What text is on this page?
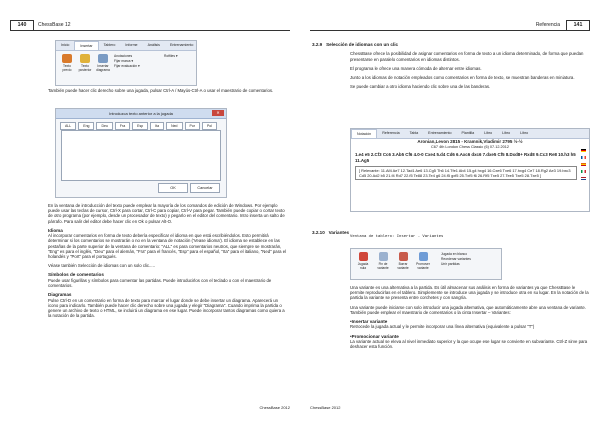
140	ChessBase 12
Inicio	Insertar	Tablero	Informe	Análisis	Entrenamiento
Texto previo
Texto posterior
Insertar diagrama
Anotaciones
Fijar marca ▾
Fijar evaluación ▾
Rotfiles ▾

También puede hacer clic derecho sobre una jugada, pulsar Ctrl-A / Mayús-Ctrl-A o usar el maestrario de comentarios.

Introduzca texto anterior a la jugada	✕
ALL	Eng	Deu	Fra	Esp	Ita	Ned	Por	Pol
OK	Cancelar

En la ventana de introducción del texto puede emplear la mayoría de los comandos de edición de Windows. Por ejemplo puede usar las teclas de cursor, Ctrl-X para cortar, Ctrl-C para copiar, Ctrl-V para pegar. También puede copiar o cortar texto de otro programa (por ejemplo, desde un procesador de texto) y pegarlo en el editor del comentario. Intro inserta un salto de párrafo. Para salir del editor debe hacer clic en Ok o pulsar Alt-O.

Idioma

Al incorporar comentarios en forma de texto debería especificar el idioma en que está escribiéndolos. Esto permitirá determinar si los comentarios se mostrarán o no en la ventana de notación ('Vease idioma'). El idioma se establece en las pestañas de la parte superior de la ventana de comentario: "ALL" es para comentarios neutros, que siempre se mostrarán, "Eng" es para el inglés, "Deu" para el alemán, "Fra" para el francés, "Esp" para el español, "Ita" para el italiano, "Ned" para el holandés y "Port" para el portugués.

Véase también Selección de idiomas con un solo clic.....

Símbolos de comentarios

Puede usar figurillas y símbolos para comentar las partidas. Puede introducirlos con el teclado o con el maestrario de comentarios.

Diagramas

Pulse Ctrl-D en un comentario en forma de texto para marcar el lugar donde se debe insertar un diagrama. Aparecerá un icono para indicarlo. También puede hacer clic derecho sobre una jugada y elegir "Diagrama". Cuando imprima la partida o genere un archivo de texto o HTML, se incluirá un diagrama en ese lugar. Puede incorporar tantos diagramas como quiera a la notación de la partida.

ChessBase 2012
Referencia	141

3.2.9 Selección de idiomas con un clic

ChessBase ofrece la posibilidad de asignar comentarios en forma de texto a un idioma determinado, de forma que puedan presentarse en paralelo comentarios en idiomas distintos.

El programa le ofrece una manera cómoda de alternar entre idiomas.

Junto a los idiomas de notación empleados como comentarios en forma de texto, se muestran banderas en miniatura.

Se puede cambiar a otro idioma haciendo clic sobre una de las banderas.

Notación	Referencia	Tabla	Entrenamiento	Plantilla	Libro	Libro	Libro
Aronian,Levon 2815 - Kramnik,Vladimir 2795 ½-½
C67 4th London Chess Classic (6) 07.12.2012
1.e4 e5 2.Cf3 Cc6 3.Ab5 Cf6 4.0-0 Cxe4 5.d4 Cd6 6.Axc6 dxc6 7.dxe5 Cf5 8.Dxd8+ Rxd8 9.Cc3 Re8 10.h3 h5 11.Ag5
[ Relevante: 11.Af4 Ae7 12.Tad1 Ae6 13.Cg5 Th6 14.Tfe1 Ab4 15.g4 hxg4 16.Cxe6 Txe6 17.hxg4 Ce7 18.Rg2 Ae3 19.bxc3 Cd5 20.Ad2 b5 21.f4 Rd7 22.f5 Te88 23.Te4 g6 24.f5 gxf5 25.Txf5 f6 26.Rf5 Txe5 27.Tee5 Txe5 28.Txe5 ]

3.2.10 Variantes

Ventana de tablero: Insertar - Variantes

Jugada nula
Fin de variante
Borrar variante
Promover variante
Jugada en blanco
Reordenar variantes
Unir partidas

Una variante es una alternativa a la partida. Es útil almacenar sus análisis en forma de variantes ya que ChessBase le permite reproducirlas en el tablero. Simplemente se introduce una jugada y se introduce otra en su lugar. En la notación de la partida la variante se presenta entre corchetes y con sangría.

Una variante puede iniciarse con solo introducir una jugada alternativa, que automáticamente abre una ventana de variante. También puede emplear el maestrario de comentarios o la cinta Insertar – Variantes:

•Insertar variante

Retrocede la jugada actual y le permite incorporar una línea alternativa (equivalente a pulsar "T")

•Promocionar variante

La variante actual se eleva al nivel inmediato superior y la que ocupe ese lugar se convierte en subvariante. Ctrl-Z sirve para deshacer esta función.

ChessBase 2012
